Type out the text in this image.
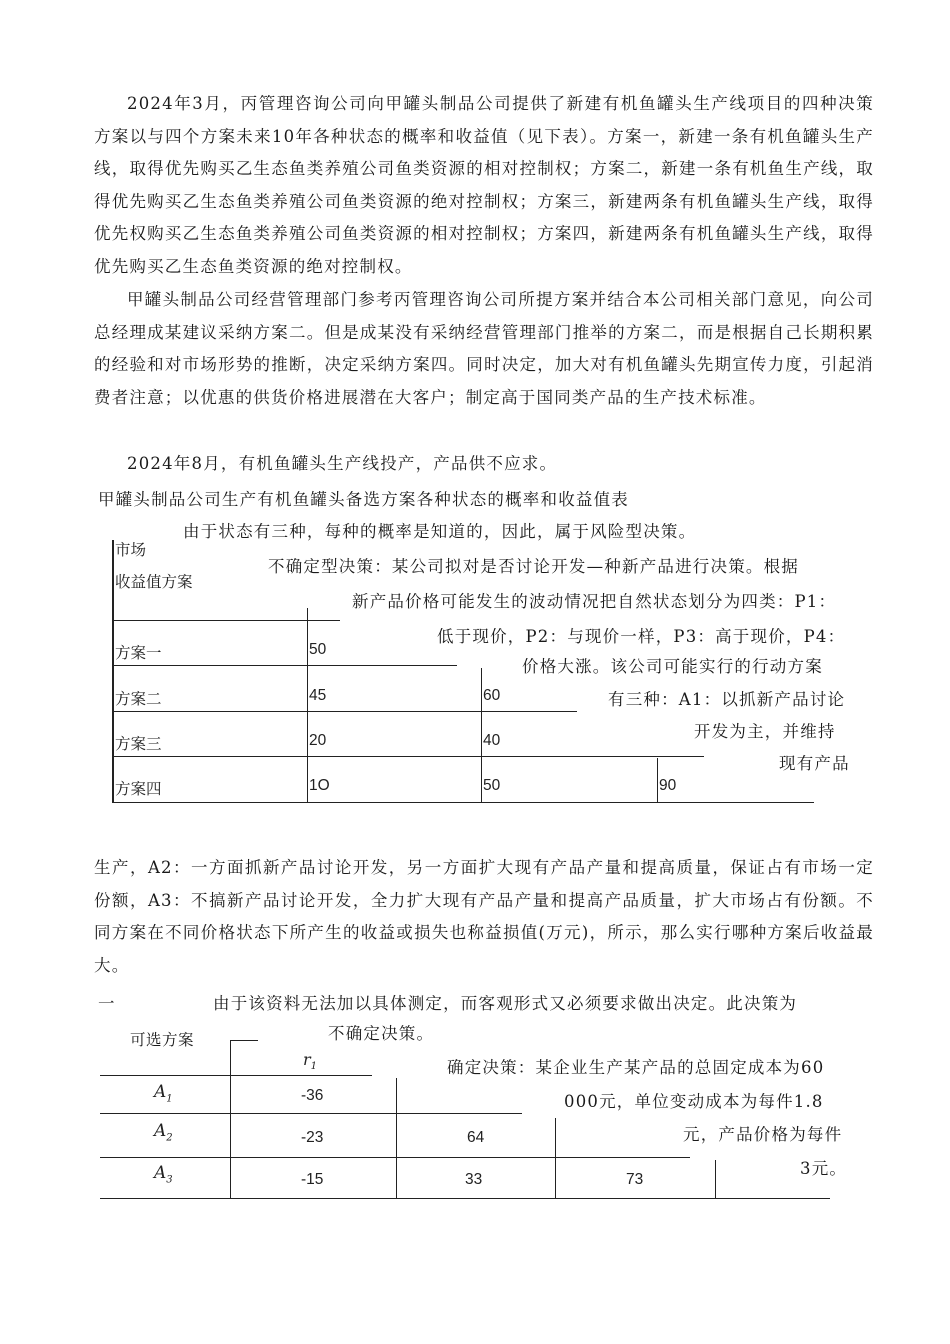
2024年3月，丙管理咨询公司向甲罐头制品公司提供了新建有机鱼罐头生产线项目的四种决策方案以与四个方案未来10年各种状态的概率和收益值（见下表）。方案一，新建一条有机鱼罐头生产线，取得优先购买乙生态鱼类养殖公司鱼类资源的相对控制权；方案二，新建一条有机鱼生产线，取得优先购买乙生态鱼类养殖公司鱼类资源的绝对控制权；方案三，新建两条有机鱼罐头生产线，取得优先权购买乙生态鱼类养殖公司鱼类资源的相对控制权；方案四，新建两条有机鱼罐头生产线，取得优先购买乙生态鱼类资源的绝对控制权。

甲罐头制品公司经营管理部门参考丙管理咨询公司所提方案并结合本公司相关部门意见，向公司总经理成某建议采纳方案二。但是成某没有采纳经营管理部门推举的方案二，而是根据自己长期积累的经验和对市场形势的推断，决定采纳方案四。同时决定，加大对有机鱼罐头先期宣传力度，引起消费者注意；以优惠的供货价格进展潜在大客户；制定高于国同类产品的生产技术标准。

2024年8月，有机鱼罐头生产线投产，产品供不应求。

甲罐头制品公司生产有机鱼罐头备选方案各种状态的概率和收益值表
市场
收益值方案
方案一	50
方案二	45	60
方案三	20	40
方案四	1O	50	90
由于状态有三种，每种的概率是知道的，因此，属于风险型决策。
不确定型决策：某公司拟对是否讨论开发—种新产品进行决策。根据
新产品价格可能发生的波动情况把自然状态划分为四类：P1：
低于现价，P2：与现价一样，P3：高于现价，P4：
价格大涨。该公司可能实行的行动方案
有三种：A1：以抓新产品讨论
开发为主，并维持
现有产品

生产，A2：一方面抓新产品讨论开发，另一方面扩大现有产品产量和提高质量，保证占有市场一定份额，A3：不搞新产品讨论开发，全力扩大现有产品产量和提高产品质量，扩大市场占有份额。不同方案在不同价格状态下所产生的收益或损失也称益损值(万元)，所示，那么实行哪种方案后收益最大。

一	由于该资料无法加以具体测定，而客观形式又必须要求做出决定。此决策为
不确定决策。
确定决策：某企业生产某产品的总固定成本为60
000元，单位变动成本为每件1.8
元，产品价格为每件
3元。
可选方案
$r_1$
$A_1$	-36
$A_2$	-23	64
$A_3$	-15	33	73
